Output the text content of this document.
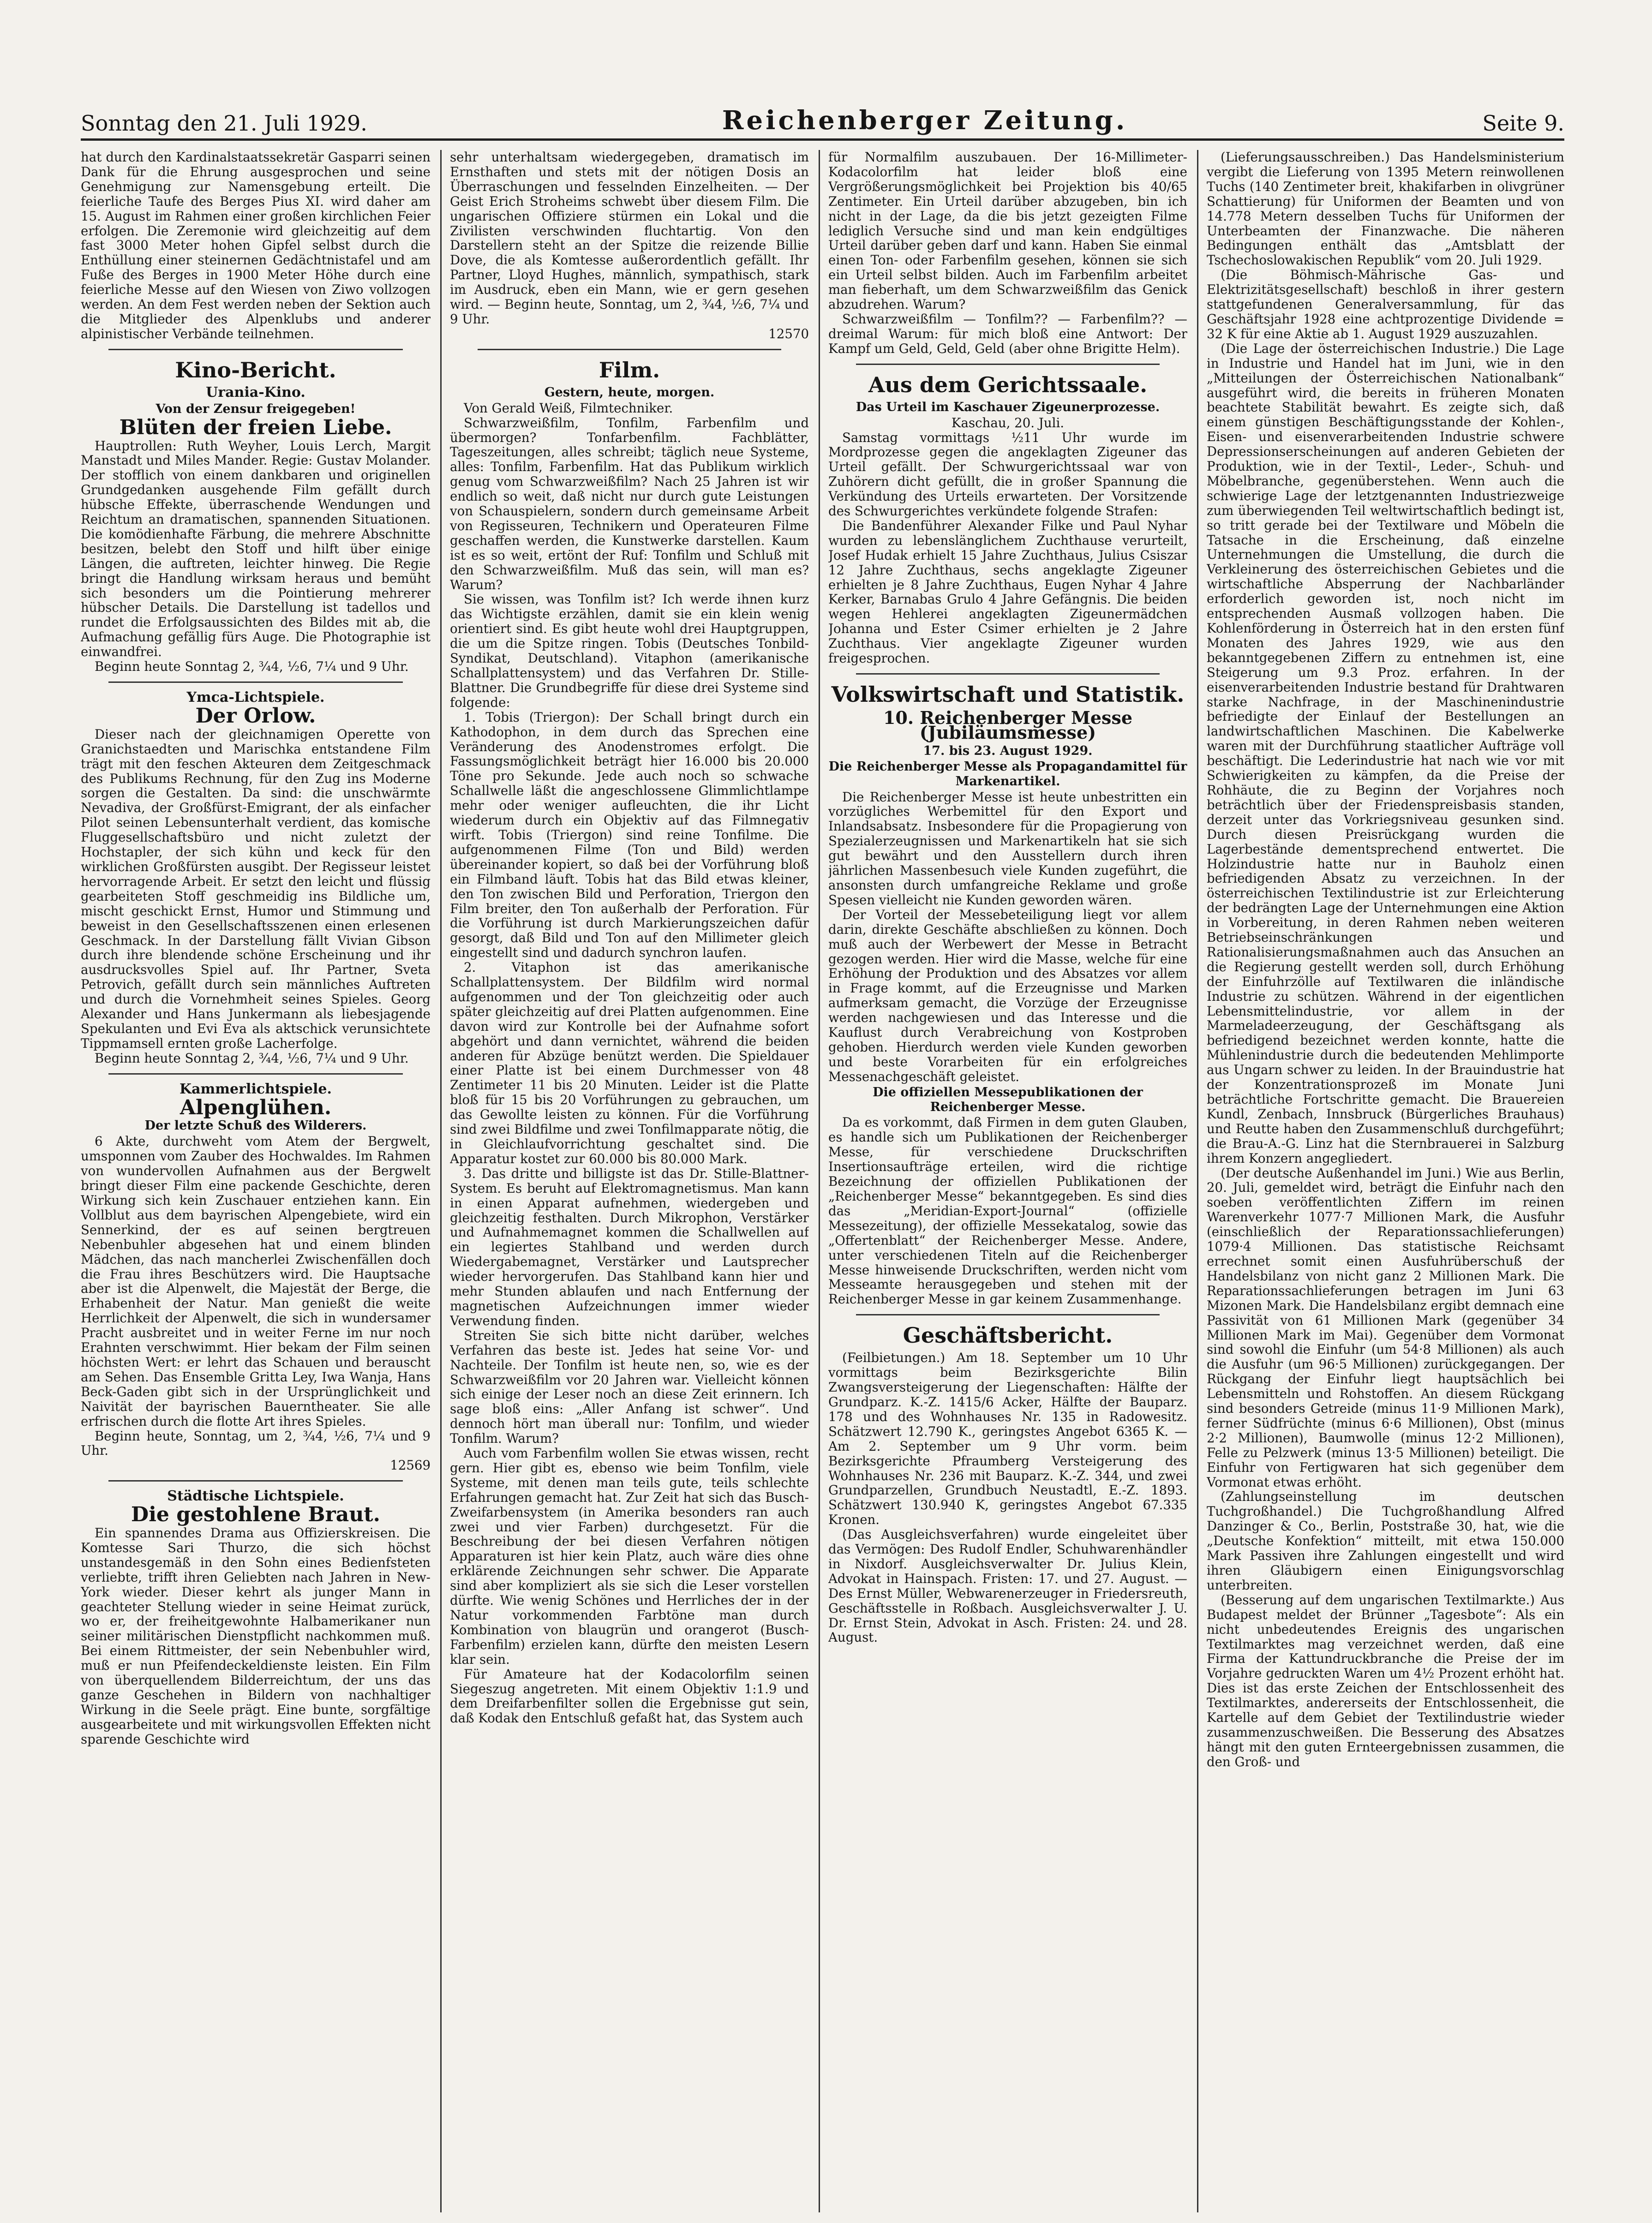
Sonntag den 21. Juli 1929.	Reichenberger Zeitung.	Seite 9.

hat durch den Kardinalstaatssekretär Gasparri seinen Dank für die Ehrung ausgesprochen und seine Genehmigung zur Namensgebung erteilt. Die feierliche Taufe des Berges Pius XI. wird daher am 15. August im Rahmen einer großen kirchlichen Feier erfolgen. Die Zeremonie wird gleichzeitig auf dem fast 3000 Meter hohen Gipfel selbst durch die Enthüllung einer steinernen Gedächtnistafel und am Fuße des Berges in 1900 Meter Höhe durch eine feierliche Messe auf den Wiesen von Ziwo vollzogen werden. An dem Fest werden neben der Sektion auch die Mitglieder des Alpenklubs und anderer alpinistischer Verbände teilnehmen.

Kino-Bericht.
Urania-Kino.
Von der Zensur freigegeben!
Blüten der freien Liebe.

Hauptrollen: Ruth Weyher, Louis Lerch, Margit Manstadt und Miles Mander. Regie: Gustav Molander. Der stofflich von einem dankbaren und originellen Grundgedanken ausgehende Film gefällt durch hübsche Effekte, überraschende Wendungen und Reichtum an dramatischen, spannenden Situationen. Die komödienhafte Färbung, die mehrere Abschnitte besitzen, belebt den Stoff und hilft über einige Längen, die auftreten, leichter hinweg. Die Regie bringt die Handlung wirksam heraus und bemüht sich besonders um die Pointierung mehrerer hübscher Details. Die Darstellung ist tadellos und rundet die Erfolgsaussichten des Bildes mit ab, die Aufmachung gefällig fürs Auge. Die Photographie ist einwandfrei.

Beginn heute Sonntag 2, ¾4, ½6, 7¼ und 9 Uhr.

Ymca-Lichtspiele.
Der Orlow.

Dieser nach der gleichnamigen Operette von Granichstaedten und Marischka entstandene Film trägt mit den feschen Akteuren dem Zeitgeschmack des Publikums Rechnung, für den Zug ins Moderne sorgen die Gestalten. Da sind: die unschwärmte Nevadiva, der Großfürst-Emigrant, der als einfacher Pilot seinen Lebensunterhalt verdient, das komische Fluggesellschaftsbüro und nicht zuletzt der Hochstapler, der sich kühn und keck für den wirklichen Großfürsten ausgibt. Der Regisseur leistet hervorragende Arbeit. Er setzt den leicht und flüssig gearbeiteten Stoff geschmeidig ins Bildliche um, mischt geschickt Ernst, Humor und Stimmung und beweist in den Gesellschaftsszenen einen erlesenen Geschmack. In der Darstellung fällt Vivian Gibson durch ihre blendende schöne Erscheinung und ihr ausdrucksvolles Spiel auf. Ihr Partner, Sveta Petrovich, gefällt durch sein männliches Auftreten und durch die Vornehmheit seines Spieles. Georg Alexander und Hans Junkermann als liebesjagende Spekulanten und Evi Eva als aktschick verunsichtete Tippmamsell ernten große Lacherfolge.

Beginn heute Sonntag 2, ¾4, ½6, 7¼ und 9 Uhr.

Kammerlichtspiele.
Alpenglühen.
Der letzte Schuß des Wilderers.

6 Akte, durchweht vom Atem der Bergwelt, umsponnen vom Zauber des Hochwaldes. Im Rahmen von wundervollen Aufnahmen aus der Bergwelt bringt dieser Film eine packende Geschichte, deren Wirkung sich kein Zuschauer entziehen kann. Ein Vollblut aus dem bayrischen Alpengebiete, wird ein Sennerkind, der es auf seinen bergtreuen Nebenbuhler abgesehen hat und einem blinden Mädchen, das nach mancherlei Zwischenfällen doch die Frau ihres Beschützers wird. Die Hauptsache aber ist die Alpenwelt, die Majestät der Berge, die Erhabenheit der Natur. Man genießt die weite Herrlichkeit der Alpenwelt, die sich in wundersamer Pracht ausbreitet und in weiter Ferne im nur noch Erahnten verschwimmt. Hier bekam der Film seinen höchsten Wert: er lehrt das Schauen und berauscht am Sehen. Das Ensemble Gritta Ley, Iwa Wanja, Hans Beck-Gaden gibt sich in der Ursprünglichkeit und Naivität der bayrischen Bauerntheater. Sie alle erfrischen durch die flotte Art ihres Spieles.

Beginn heute, Sonntag, um 2, ¾4, ½6, 7¼ und 9 Uhr.

12569
Städtische Lichtspiele.
Die gestohlene Braut.

Ein spannendes Drama aus Offizierskreisen. Die Komtesse Sari Thurzo, die sich höchst unstandesgemäß in den Sohn eines Bedienfsteten verliebte, trifft ihren Geliebten nach Jahren in New-York wieder. Dieser kehrt als junger Mann in geachteter Stellung wieder in seine Heimat zurück, wo er, der freiheitgewohnte Halbamerikaner nun seiner militärischen Dienstpflicht nachkommen muß. Bei einem Rittmeister, der sein Nebenbuhler wird, muß er nun Pfeifendeckeldienste leisten. Ein Film von überquellendem Bilderreichtum, der uns das ganze Geschehen in Bildern von nachhaltiger Wirkung in die Seele prägt. Eine bunte, sorgfältige ausgearbeitete und mit wirkungsvollen Effekten nicht sparende Geschichte wird

sehr unterhaltsam wiedergegeben, dramatisch im Ernsthaften und stets mit der nötigen Dosis an Überraschungen und fesselnden Einzelheiten. — Der Geist Erich Stroheims schwebt über diesem Film. Die ungarischen Offiziere stürmen ein Lokal und die Zivilisten verschwinden fluchtartig. Von den Darstellern steht an der Spitze die reizende Billie Dove, die als Komtesse außerordentlich gefällt. Ihr Partner, Lloyd Hughes, männlich, sympathisch, stark im Ausdruck, eben ein Mann, wie er gern gesehen wird. — Beginn heute, Sonntag, um 2, ¾4, ½6, 7¼ und 9 Uhr.

12570
Film.
Gestern, heute, morgen.

Von Gerald Weiß, Filmtechniker.

Schwarzweißfilm, Tonfilm, Farbenfilm und übermorgen? Tonfarbenfilm. Fachblätter, Tageszeitungen, alles schreibt; täglich neue Systeme, alles: Tonfilm, Farbenfilm. Hat das Publikum wirklich genug vom Schwarzweißfilm? Nach 25 Jahren ist wir endlich so weit, daß nicht nur durch gute Leistungen von Schauspielern, sondern durch gemeinsame Arbeit von Regisseuren, Technikern und Operateuren Filme geschaffen werden, die Kunstwerke darstellen. Kaum ist es so weit, ertönt der Ruf: Tonfilm und Schluß mit den Schwarzweißfilm. Muß das sein, will man es? Warum?

Sie wissen, was Tonfilm ist? Ich werde ihnen kurz das Wichtigste erzählen, damit sie ein klein wenig orientiert sind. Es gibt heute wohl drei Hauptgruppen, die um die Spitze ringen. Tobis (Deutsches Tonbild-Syndikat, Deutschland). Vitaphon (amerikanische Schallplattensystem) und das Verfahren Dr. Stille-Blattner. Die Grundbegriffe für diese drei Systeme sind folgende:

1. Tobis (Triergon): Der Schall bringt durch ein Kathodophon, in dem durch das Sprechen eine Veränderung des Anodenstromes erfolgt. Die Fassungsmöglichkeit beträgt hier 16.000 bis 20.000 Töne pro Sekunde. Jede auch noch so schwache Schallwelle läßt die angeschlossene Glimmlichtlampe mehr oder weniger aufleuchten, die ihr Licht wiederum durch ein Objektiv auf das Filmnegativ wirft. Tobis (Triergon) sind reine Tonfilme. Die aufgenommenen Filme (Ton und Bild) werden übereinander kopiert, so daß bei der Vorführung bloß ein Filmband läuft. Tobis hat das Bild etwas kleiner, den Ton zwischen Bild und Perforation, Triergon den Film breiter, den Ton außerhalb der Perforation. Für die Vorführung ist durch Markierungszeichen dafür gesorgt, daß Bild und Ton auf den Millimeter gleich eingestellt sind und dadurch synchron laufen.

2. Vitaphon ist das amerikanische Schallplattensystem. Der Bildfilm wird normal aufgenommen und der Ton gleichzeitig oder auch später gleichzeitig auf drei Platten aufgenommen. Eine davon wird zur Kontrolle bei der Aufnahme sofort abgehört und dann vernichtet, während die beiden anderen für Abzüge benützt werden. Die Spieldauer einer Platte ist bei einem Durchmesser von 48 Zentimeter 11 bis 20 Minuten. Leider ist die Platte bloß für 15 bis 20 Vorführungen zu gebrauchen, um das Gewollte leisten zu können. Für die Vorführung sind zwei Bildfilme und zwei Tonfilmapparate nötig, die in Gleichlaufvorrichtung geschaltet sind. Die Apparatur kostet zur 60.000 bis 80.000 Mark.

3. Das dritte und billigste ist das Dr. Stille-Blattner-System. Es beruht auf Elektromagnetismus. Man kann in einen Apparat aufnehmen, wiedergeben und gleichzeitig festhalten. Durch Mikrophon, Verstärker und Aufnahmemagnet kommen die Schallwellen auf ein legiertes Stahlband und werden durch Wiedergabemagnet, Verstärker und Lautsprecher wieder hervorgerufen. Das Stahlband kann hier und mehr Stunden ablaufen und nach Entfernung der magnetischen Aufzeichnungen immer wieder Verwendung finden.

Streiten Sie sich bitte nicht darüber, welches Verfahren das beste ist. Jedes hat seine Vor- und Nachteile. Der Tonfilm ist heute nen, so, wie es der Schwarzweißfilm vor 20 Jahren war. Vielleicht können sich einige der Leser noch an diese Zeit erinnern. Ich sage bloß eins: „Aller Anfang ist schwer“. Und dennoch hört man überall nur: Tonfilm, und wieder Tonfilm. Warum?

Auch vom Farbenfilm wollen Sie etwas wissen, recht gern. Hier gibt es, ebenso wie beim Tonfilm, viele Systeme, mit denen man teils gute, teils schlechte Erfahrungen gemacht hat. Zur Zeit hat sich das Busch-Zweifarbensystem (in Amerika besonders ran auch zwei und vier Farben) durchgesetzt. Für die Beschreibung der bei diesen Verfahren nötigen Apparaturen ist hier kein Platz, auch wäre dies ohne erklärende Zeichnungen sehr schwer. Die Apparate sind aber kompliziert als sie sich die Leser vorstellen dürfte. Wie wenig Schönes und Herrliches der in der Natur vorkommenden Farbtöne man durch Kombination von blaugrün und orangerot (Busch-Farbenfilm) erzielen kann, dürfte den meisten Lesern klar sein.

Für Amateure hat der Kodacolorfilm seinen Siegeszug angetreten. Mit einem Objektiv 1:1.9 und dem Dreifarbenfilter sollen die Ergebnisse gut sein, daß Kodak den Entschluß gefaßt hat, das System auch

für Normalfilm auszubauen. Der 16-Millimeter-Kodacolorfilm hat leider bloß eine Vergrößerungsmöglichkeit bei Projektion bis 40/65 Zentimeter. Ein Urteil darüber abzugeben, bin ich nicht in der Lage, da die bis jetzt gezeigten Filme lediglich Versuche sind und man kein endgültiges Urteil darüber geben darf und kann. Haben Sie einmal einen Ton- oder Farbenfilm gesehen, können sie sich ein Urteil selbst bilden. Auch im Farbenfilm arbeitet man fieberhaft, um dem Schwarzweißfilm das Genick abzudrehen. Warum?

Schwarzweißfilm — Tonfilm?? — Farbenfilm?? — dreimal Warum: für mich bloß eine Antwort: Der Kampf um Geld, Geld, Geld (aber ohne Brigitte Helm).

Aus dem Gerichtssaale.
Das Urteil im Kaschauer Zigeunerprozesse.
Kaschau, 20. Juli.

Samstag vormittags ½11 Uhr wurde im Mordprozesse gegen die angeklagten Zigeuner das Urteil gefällt. Der Schwurgerichtssaal war von Zuhörern dicht gefüllt, die in großer Spannung die Verkündung des Urteils erwarteten. Der Vorsitzende des Schwurgerichtes verkündete folgende Strafen:

Die Bandenführer Alexander Filke und Paul Nyhar wurden zu lebenslänglichem Zuchthause verurteilt, Josef Hudak erhielt 15 Jahre Zuchthaus, Julius Csiszar 12 Jahre Zuchthaus, sechs angeklagte Zigeuner erhielten je 8 Jahre Zuchthaus, Eugen Nyhar 4 Jahre Kerker, Barnabas Grulo 4 Jahre Gefängnis. Die beiden wegen Hehlerei angeklagten Zigeunermädchen Johanna und Ester Csimer erhielten je 2 Jahre Zuchthaus. Vier angeklagte Zigeuner wurden freigesprochen.

Volkswirtschaft und Statistik.
10. Reichenberger Messe (Jubiläumsmesse)
17. bis 23. August 1929.
Die Reichenberger Messe als Propagandamittel für Markenartikel.

Die Reichenberger Messe ist heute unbestritten ein vorzügliches Werbemittel für den Export und Inlandsabsatz. Insbesondere für die Propagierung von Spezialerzeugnissen und Markenartikeln hat sie sich gut bewährt und den Ausstellern durch ihren jährlichen Massenbesuch viele Kunden zugeführt, die ansonsten durch umfangreiche Reklame und große Spesen vielleicht nie Kunden geworden wären.

Der Vorteil der Messebeteiligung liegt vor allem darin, direkte Geschäfte abschließen zu können. Doch muß auch der Werbewert der Messe in Betracht gezogen werden. Hier wird die Masse, welche für eine Erhöhung der Produktion und des Absatzes vor allem in Frage kommt, auf die Erzeugnisse und Marken aufmerksam gemacht, die Vorzüge der Erzeugnisse werden nachgewiesen und das Interesse und die Kauflust durch Verabreichung von Kostproben gehoben. Hierdurch werden viele Kunden geworben und beste Vorarbeiten für ein erfolgreiches Messenachgeschäft geleistet.

Die offiziellen Messepublikationen der Reichenberger Messe.

Da es vorkommt, daß Firmen in dem guten Glauben, es handle sich um Publikationen der Reichenberger Messe, für verschiedene Druckschriften Insertionsaufträge erteilen, wird die richtige Bezeichnung der offiziellen Publikationen der „Reichenberger Messe“ bekanntgegeben. Es sind dies das „Meridian-Export-Journal“ (offizielle Messezeitung), der offizielle Messekatalog, sowie das „Offertenblatt“ der Reichenberger Messe. Andere, unter verschiedenen Titeln auf die Reichenberger Messe hinweisende Druckschriften, werden nicht vom Messeamte herausgegeben und stehen mit der Reichenberger Messe in gar keinem Zusammenhange.

Geschäftsbericht.

(Feilbietungen.) Am 18. September um 10 Uhr vormittags beim Bezirksgerichte Bilin Zwangsversteigerung der Liegenschaften: Hälfte der Grundparz. K.-Z. 1415/6 Acker, Hälfte der Bauparz. 178 und des Wohnhauses Nr. 135 in Radowesitz. Schätzwert 12.790 K., geringstes Angebot 6365 K. — Am 2. September um 9 Uhr vorm. beim Bezirksgerichte Pfraumberg Versteigerung des Wohnhauses Nr. 236 mit Bauparz. K.-Z. 344, und zwei Grundparzellen, Grundbuch Neustadtl, E.-Z. 1893. Schätzwert 130.940 K, geringstes Angebot 67.335 Kronen.

(Das Ausgleichsverfahren) wurde eingeleitet über das Vermögen: Des Rudolf Endler, Schuhwarenhändler in Nixdorf. Ausgleichsverwalter Dr. Julius Klein, Advokat in Hainspach. Fristen: 17. und 27. August. — Des Ernst Müller, Webwarenerzeuger in Friedersreuth, Geschäftsstelle in Roßbach. Ausgleichsverwalter J. U. Dr. Ernst Stein, Advokat in Asch. Fristen: 24. und 28. August.

(Lieferungsausschreiben.) Das Handelsministerium vergibt die Lieferung von 1395 Metern reinwollenen Tuchs (140 Zentimeter breit, khakifarben in olivgrüner Schattierung) für Uniformen der Beamten und von 14.778 Metern desselben Tuchs für Uniformen der Unterbeamten der Finanzwache. Die näheren Bedingungen enthält das „Amtsblatt der Tschechoslowakischen Republik“ vom 20. Juli 1929.

(Die Böhmisch-Mährische Gas- und Elektrizitätsgesellschaft) beschloß in ihrer gestern stattgefundenen Generalversammlung, für das Geschäftsjahr 1928 eine achtprozentige Dividende = 32 K für eine Aktie ab 1. August 1929 auszuzahlen.

(Die Lage der österreichischen Industrie.) Die Lage in Industrie und Handel hat im Juni, wie in den „Mitteilungen der Österreichischen Nationalbank“ ausgeführt wird, die bereits in früheren Monaten beachtete Stabilität bewahrt. Es zeigte sich, daß einem günstigen Beschäftigungsstande der Kohlen-, Eisen- und eisenverarbeitenden Industrie schwere Depressionserscheinungen auf anderen Gebieten der Produktion, wie in der Textil-, Leder-, Schuh- und Möbelbranche, gegenüberstehen. Wenn auch die schwierige Lage der letztgenannten Industriezweige zum überwiegenden Teil weltwirtschaftlich bedingt ist, so tritt gerade bei der Textilware und Möbeln die Tatsache in die Erscheinung, daß einzelne Unternehmungen die Umstellung, die durch die Verkleinerung des österreichischen Gebietes und die wirtschaftliche Absperrung der Nachbarländer erforderlich geworden ist, noch nicht im entsprechenden Ausmaß vollzogen haben. Die Kohlenförderung in Österreich hat in den ersten fünf Monaten des Jahres 1929, wie aus den bekanntgegebenen Ziffern zu entnehmen ist, eine Steigerung um 9.3 Proz. erfahren. In der eisenverarbeitenden Industrie bestand für Drahtwaren starke Nachfrage, in der Maschinenindustrie befriedigte der Einlauf der Bestellungen an landwirtschaftlichen Maschinen. Die Kabelwerke waren mit der Durchführung staatlicher Aufträge voll beschäftigt. Die Lederindustrie hat nach wie vor mit Schwierigkeiten zu kämpfen, da die Preise der Rohhäute, die zu Beginn der Vorjahres noch beträchtlich über der Friedenspreisbasis standen, derzeit unter das Vorkriegsniveau gesunken sind. Durch diesen Preisrückgang wurden die Lagerbestände dementsprechend entwertet. Die Holzindustrie hatte nur in Bauholz einen befriedigenden Absatz zu verzeichnen. In der österreichischen Textilindustrie ist zur Erleichterung der bedrängten Lage der Unternehmungen eine Aktion in Vorbereitung, in deren Rahmen neben weiteren Betriebseinschränkungen und Rationalisierungsmaßnahmen auch das Ansuchen an die Regierung gestellt werden soll, durch Erhöhung der Einfuhrzölle auf Textilwaren die inländische Industrie zu schützen. Während in der eigentlichen Lebensmittelindustrie, vor allem in der Marmeladeerzeugung, der Geschäftsgang als befriedigend bezeichnet werden konnte, hatte die Mühlenindustrie durch die bedeutenden Mehlimporte aus Ungarn schwer zu leiden. In der Brauindustrie hat der Konzentrationsprozeß im Monate Juni beträchtliche Fortschritte gemacht. Die Brauereien Kundl, Zenbach, Innsbruck (Bürgerliches Brauhaus) und Reutte haben den Zusammenschluß durchgeführt; die Brau-A.-G. Linz hat die Sternbrauerei in Salzburg ihrem Konzern angegliedert.

(Der deutsche Außenhandel im Juni.) Wie aus Berlin, 20. Juli, gemeldet wird, beträgt die Einfuhr nach den soeben veröffentlichten Ziffern im reinen Warenverkehr 1077·7 Millionen Mark, die Ausfuhr (einschließlich der Reparationssachlieferungen) 1079·4 Millionen. Das statistische Reichsamt errechnet somit einen Ausfuhrüberschuß der Handelsbilanz von nicht ganz 2 Millionen Mark. Die Reparationssachlieferungen betragen im Juni 63 Mizonen Mark. Die Handelsbilanz ergibt demnach eine Passivität von 61 Millionen Mark (gegenüber 34 Millionen Mark im Mai). Gegenüber dem Vormonat sind sowohl die Einfuhr (um 54·8 Millionen) als auch die Ausfuhr (um 96·5 Millionen) zurückgegangen. Der Rückgang der Einfuhr liegt hauptsächlich bei Lebensmitteln und Rohstoffen. An diesem Rückgang sind besonders Getreide (minus 11·9 Millionen Mark), ferner Südfrüchte (minus 6·6 Millionen), Obst (minus 2·2 Millionen), Baumwolle (minus 12·2 Millionen), Felle zu Pelzwerk (minus 13·5 Millionen) beteiligt. Die Einfuhr von Fertigwaren hat sich gegenüber dem Vormonat etwas erhöht.

(Zahlungseinstellung im deutschen Tuchgroßhandel.) Die Tuchgroßhandlung Alfred Danzinger & Co., Berlin, Poststraße 30, hat, wie die „Deutsche Konfektion“ mitteilt, mit etwa 150.000 Mark Passiven ihre Zahlungen eingestellt und wird ihren Gläubigern einen Einigungsvorschlag unterbreiten.

(Besserung auf dem ungarischen Textilmarkte.) Aus Budapest meldet der Brünner „Tagesbote“: Als ein nicht unbedeutendes Ereignis des ungarischen Textilmarktes mag verzeichnet werden, daß eine Firma der Kattundruckbranche die Preise der im Vorjahre gedruckten Waren um 4½ Prozent erhöht hat. Dies ist das erste Zeichen der Entschlossenheit des Textilmarktes, andererseits der Entschlossenheit, die Kartelle auf dem Gebiet der Textilindustrie wieder zusammenzuschweißen. Die Besserung des Absatzes hängt mit den guten Ernteergebnissen zusammen, die den Groß- und
